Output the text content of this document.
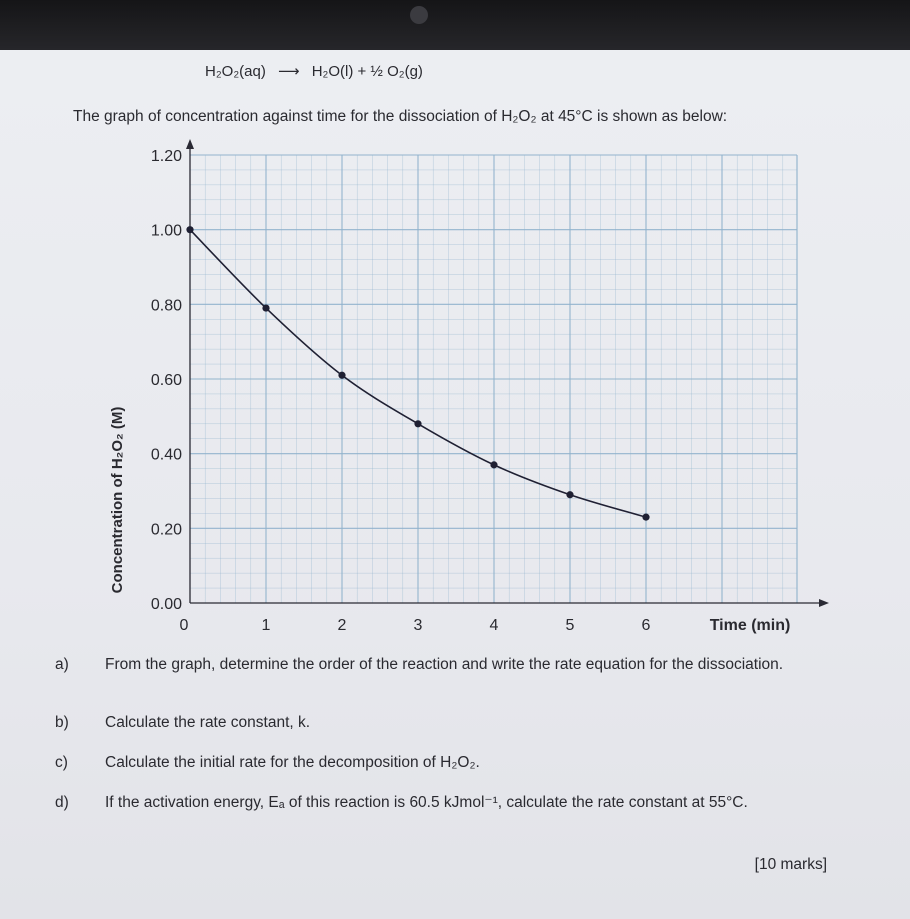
H₂O₂(aq) ⟶ H₂O(l) + ½ O₂(g)
The graph of concentration against time for the dissociation of H₂O₂ at 45°C is shown as below:
0.00
0.20
0.40
0.60
0.80
1.00
1.20
0	1	2	3	4	5	6
Concentration of H₂O₂ (M)
Time (min)
a) From the graph, determine the order of the reaction and write the rate equation for the dissociation.
b) Calculate the rate constant, k.
c) Calculate the initial rate for the decomposition of H₂O₂.
d) If the activation energy, Eₐ of this reaction is 60.5 kJmol⁻¹, calculate the rate constant at 55°C.
[10 marks]
